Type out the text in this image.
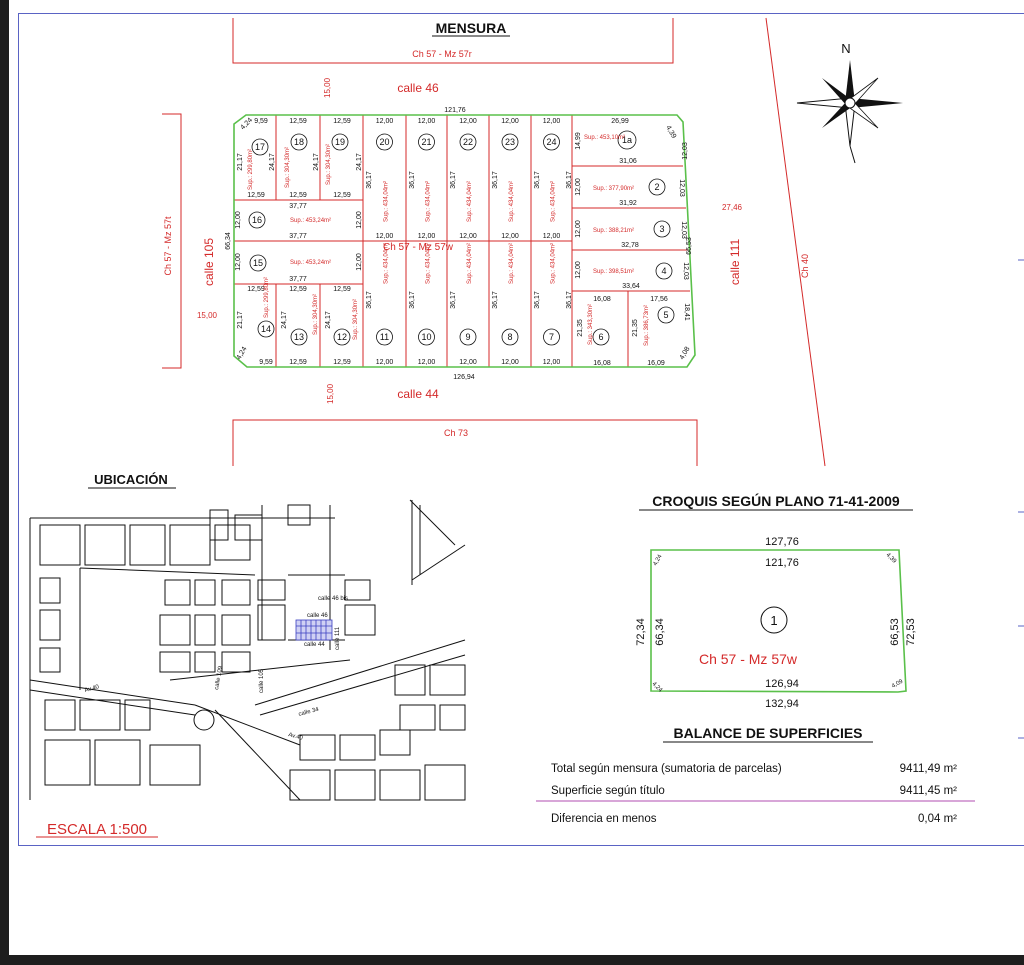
MENSURA
Ch 57 - Mz 57r
calle 46
15,00
calle 44
15,00
Ch 73
Ch 57 - Mz 57t calle 105
15,00
calle 111
27,46
Ch 40
N
121,76
126,94
66,34	66,53
Ch 57 - Mz 57w
9,59	12,59	12,59
12,59	12,59	12,59
4,24
21,17	24,17	24,17	24,17
37,77
37,77
37,77
12,00
12,00
12,00
12,00
12,59	12,59	12,59
9,59 12,59	12,59
21,17	24,17	24,17
4,24
17	18	19
16
15
14
13	12
Sup.: 299,80m²	Sup.: 304,30m²	Sup.: 304,30m²
Sup.: 453,24m²
Sup.: 453,24m²
Sup.: 299,80m²	Sup.: 304,30m²	Sup.: 304,30m²
12,00
12,00
20
36,17
Sup.: 434,04m²
12,00
11
36,17
Sup.: 434,04m²
12,00
12,00
21
36,17
Sup.: 434,04m²
12,00
10
36,17
Sup.: 434,04m²
12,00
12,00
22
36,17
Sup.: 434,04m²
12,00
9
36,17
Sup.: 434,04m²
12,00
12,00
23
36,17
Sup.: 434,04m²
12,00
8
36,17
Sup.: 434,04m²
12,00
12,00
24
36,17
Sup.: 434,04m²
12,00
7
36,17
Sup.: 434,04m²
36,17
36,17
26,99
31,06
31,92
32,78
33,64
14,99
12,00
12,00
12,00
12,03
12,03
12,03
12,03
16,08	17,56
16,08	16,09
21,35	21,35
18,41
4,39
4,08
1a
2
3
4
5
6
Sup.: 453,10m²
Sup.: 377,90m²
Sup.: 388,21m²
Sup.: 398,51m²
Sup.: 343,30m²	Sup.: 386,73m²
UBICACIÓN
calle 46
calle 44 calle 111
calle 105
calle 109
Av.40
Av.40
calle 34
calle 46 bis
ESCALA 1:500
CROQUIS SEGÚN PLANO 71-41-2009
127,76
121,76
126,94
132,94
72,34 66,34	66,53 72,53
4,24	4,39
4,24	4,09
1
Ch 57 - Mz 57w
BALANCE DE SUPERFICIES
Total según mensura (sumatoria de parcelas)	9411,49 m²
Superficie según título	9411,45 m²
Diferencia en menos	0,04 m²
